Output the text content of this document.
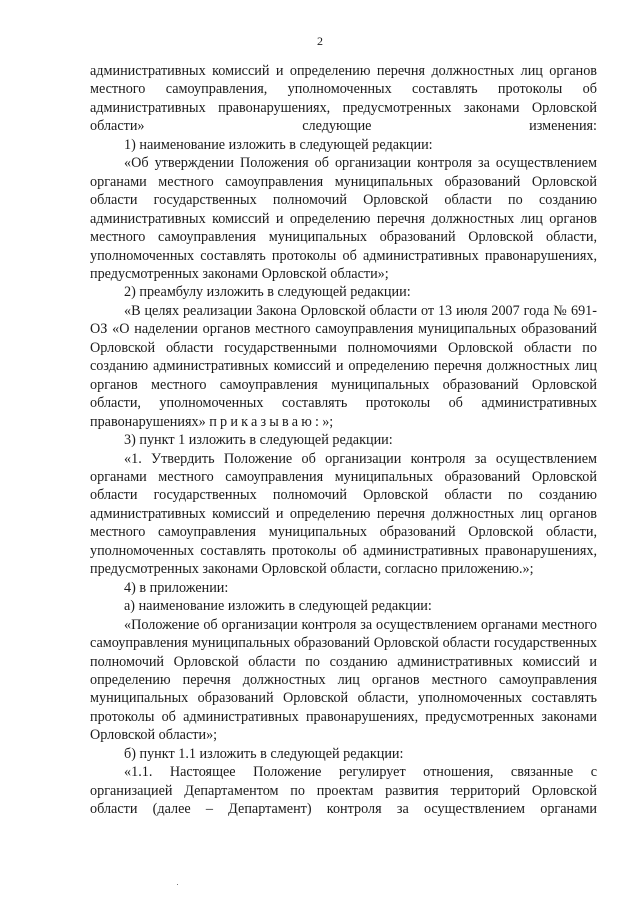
2

административных комиссий и определению перечня должностных лиц органов местного самоуправления, уполномоченных составлять протоколы об административных правонарушениях, предусмотренных законами Орловской области» следующие изменения:

1) наименование изложить в следующей редакции:

«Об утверждении Положения об организации контроля за осуществлением органами местного самоуправления муниципальных образований Орловской области государственных полномочий Орловской области по созданию административных комиссий и определению перечня должностных лиц органов местного самоуправления муниципальных образований Орловской области, уполномоченных составлять протоколы об административных правонарушениях, предусмотренных законами Орловской области»;

2) преамбулу изложить в следующей редакции:

«В целях реализации Закона Орловской области от 13 июля 2007 года № 691-ОЗ «О наделении органов местного самоуправления муниципальных образований Орловской области государственными полномочиями Орловской области по созданию административных комиссий и определению перечня должностных лиц органов местного самоуправления муниципальных образований Орловской области, уполномоченных составлять протоколы об административных правонарушениях» приказываю:»;

3) пункт 1 изложить в следующей редакции:

«1. Утвердить Положение об организации контроля за осуществлением органами местного самоуправления муниципальных образований Орловской области государственных полномочий Орловской области по созданию административных комиссий и определению перечня должностных лиц органов местного самоуправления муниципальных образований Орловской области, уполномоченных составлять протоколы об административных правонарушениях, предусмотренных законами Орловской области, согласно приложению.»;

4) в приложении:

а) наименование изложить в следующей редакции:

«Положение об организации контроля за осуществлением органами местного самоуправления муниципальных образований Орловской области государственных полномочий Орловской области по созданию административных комиссий и определению перечня должностных лиц органов местного самоуправления муниципальных образований Орловской области, уполномоченных составлять протоколы об административных правонарушениях, предусмотренных законами Орловской области»;

б) пункт 1.1 изложить в следующей редакции:

«1.1. Настоящее Положение регулирует отношения, связанные с организацией Департаментом по проектам развития территорий Орловской области (далее – Департамент) контроля за осуществлением органами
